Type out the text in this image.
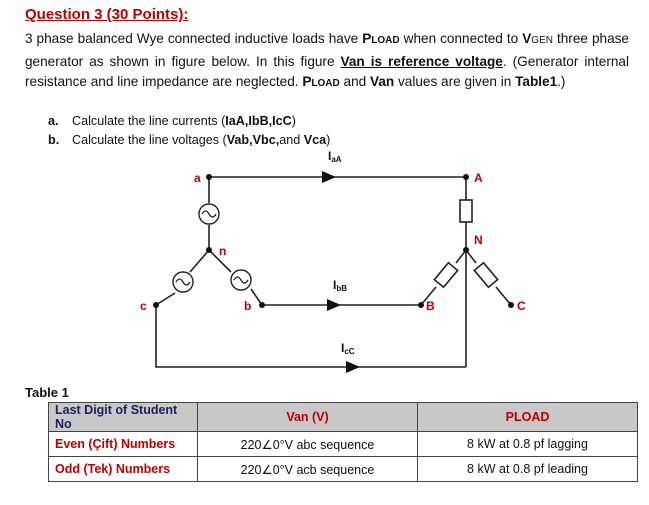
Question 3 (30 Points):
3 phase balanced Wye connected inductive loads have PLOAD when connected to VGEN three phase generator as shown in figure below. In this figure Van is reference voltage. (Generator internal resistance and line impedance are neglected. PLOAD and Van values are given in Table1.)
a. Calculate the line currents (IaA,IbB,IcC)
b. Calculate the line voltages (Vab,Vbc,and Vca)
IaA
IbB
IcC
a
n
c	b
A
N
B	C
Table 1
Last Digit of Student No	Van (V)	PLOAD
Even (Çift) Numbers	220∠0°V abc sequence	8 kW at 0.8 pf lagging
Odd (Tek) Numbers	220∠0°V acb sequence	8 kW at 0.8 pf leading
